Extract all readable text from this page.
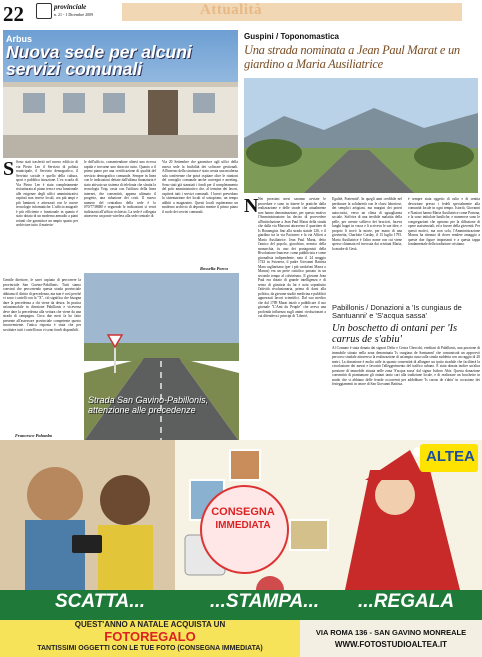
22	provinciale
n. 21 - 1 Dicembre 2009	Attualità
Arbus
Nuova sede per alcuni servizi comunali
S Sono stati trasferiti nel nuovo edificio di via Pietro Leo il Servizio di polizia municipale, il Servizio demografico, il Servizio sociale e quello della cultura, sport e pubblica istruzione. L'ex scuola di Via Pietro Leo è stata completamente ristrutturata al piano terra e resa funzionale alle esigenze degli uffici amministrativi ospitati non invece locali, ora più ampi e più luminosi e attrezzati con le nuove tecnologie informatiche. L'ufficio anagrafe è più efficiente e funzionale in quanto è stato dotato di un moderno armadio a piani rotanti che garantisce un ampio spazio per archiviare tutto il materia-
le dell'ufficio, consentendone altresì una ricerca rapida e trovarne uno sbraccio tutto. Quanto a il primo piano per una certificazione di qualità del servizio demografico comunale. Sempre in linea con le indicazioni dettate dall'ultima finanziaria è stato attivato un sistema di telefonia che sfrutta la tecnologia Voip, ossia con l'utilizzo della linea internet, che consentirà, appena ultimato il progetto, una riduzione dei costi. Il nuovo numero del centralino della sede è lo 070/7738680 e seguendo le indicazioni si verrà indirizzati all'ufficio richiesto. La sede è collegata attraverso un ponte wireless alla sede centrale di
Via 20 Settembre che garantisce agli uffici della nuova sede la fruibilità dei software gestionali. All'interno della struttura è stata creata una moderna sala conferenze che potrà ospitare oltre le riunioni del consiglio comunale anche convegni e meeting. Sono stati già stanziati i fondi per il completamento del polo amministrativo che, al termine dei lavori, ospiterà tutti i servizi comunali. I lavori prevedono la sistemazione dei locali al sottopiano, un tempo adibiti a magazzino. Questi locali ospiteranno un moderno archivio di deposito mentre il primo piano il ruolo dei servizi comunali.
Rossella Porcu
Gentile direttore, le sarei capitato di percorrere la provinciale San Gavino-Pabillonis. Tutti siamo convinti che percorrendo questa strada provinciale abbiamo il diritto di precedenza, ma non è così perché vi sono i cartelli con la "X", ciò significa che bisogna dare la precedenza a chi viene da destra. In pratica un'automobile in direzione Pabillonis e viceversa deve dare la precedenza alla vettura che viene da una strada di campagna. Circa due mesi fa ho fatto presente all'assessore provinciale competente questo inconveniente. l'unica risposta è stata che per sostituire tutti i cartelli non vi sono fondi disponibili.
Francesco Palombo
Strada San Gavino-Pabillonis, attenzione alle precedenze
Guspini / Toponomastica
Una strada nominata a Jean Paul Marat e un giardino a Maria Ausiliatrice
N Nei prossimi mesi saranno avviate le procedure e sono in itinere le pratiche dalla realizzazione e delle strade che attualmente non hanno denominazione, per questo motivo l'Amministrazione ha deciso di provvedere all'intitolazione a Jean Paul Marat della strada che dalla via Marconi attraverso il quartiere di Is Bonamgius fino alla strada statale 126, e il giardino tra la via Pacioneo e la via Alfieri a Maria Ausiliatrice. Jean Paul Marat, detto l'amico del popolo, giacobino, nemico della monarchia, fu uno dei protagonisti della Rivoluzione francese: come pubblicista e come giornalista indipendente, nato il 24 maggio 1743 in Svizzera, il padre Giovanni Battista Mara cagliaritano (per i più sardofoni Marra o Marras) era un prete cattolico passato in un secondo tempo al calvinismo. Il giovane Jean Paul era dotato di grande intelligenza e di senso di giustizia da lui e nota soprattutto l'attività rivoluzionaria, prima di darsi alla politica, da giovane studiò medicina e pubblicò apprezzati lavori scientifici. Dal suo medico che dal 1789 Marat iniziò a pubblicare il suo giornale "L'Ami du Peuple" che aveva una profonda influenza sugli animi rivoluzionari a cui difendeva i principi di 'Liberté,
Egalité, Fraternité'. In quegli anni credibile nel perdonare la solidarietà con le classi laboriose, dei semplici artigiani, ma margini dei poteri autocratici, verso un clima di uguaglianza sociale. Soffriva di una terribile malattia della pelle, per averne sollievo dei bruciori, faceva lunghi bagni in vasca e li scriveva le sue idee, e proprio lì trovò la morte, per mano di una giovinetta, Charlotte Corday, il 13 luglio 1793. Maria Ausiliatrice è l'altro nome con cui viene spesso chiamata ed invocata dai cristiani Maria, la madre di Gesù.
è sempre stata oggetto di culto e di sentita devozione presso i fedeli specialmente alla comunità locale in ogni tempo. Istoriò, Giovanni e Nazioni hanno Maria Ausiliatrice come Patrona, e la sono intitolate basiliche, e numerose sono le congregazioni che operano per la diffusione di opere assistenziali, ed a favore della gioventù. Per questi motivi, ma non solo, l'Amministrazione Marras ha ritenuto di dover rendere omaggio a queste due figure importanti e a questa tappa fondamentale della tradizione cristiana.
Pabillonis / Donazioni a 'Is cungiaus de Santuanni' e 'S'acqua sassa'
Un boschetto di ontani per 'Is carrus de s'abiu'
Al Comune è stata donata dai signori Delio e Cesira Chercchi, ereditari di Pabillonis, una porzione di immobile situato nella zona denominata 'Is cungiaus de Santuanni' che comunicatà un approvvò percorso stradale attraverso la realizzazione di un'ampia cuna sulla strada suddetta con un raggio di 20 metri. La donazione è molto utile in quanto consentirà di allargare un tratto stradale che faciliterà la circolazione dei mezzi e favorirà l'alleggerimento del traffico urbano. È stata donata inoltre un'altra porzione di immobile situata nelle zona 'S'acqua sassa' dal signor Isidoro Abis. Questa donazione consentirà di piantumare gli ontani tanto cari alla tradizione locale, e di realizzare un boschetto in modo che si abbiano delle fronde occorrenti per addobbare 'Is carrus de s'abiu' in occasione dei festeggiamenti in onore di San Giovanni Battista.
CONSEGNA
IMMEDIATA
ALTEA
SCATTA...	...STAMPA... ...REGALA
QUEST'ANNO A NATALE ACQUISTA UN
FOTOREGALO
TANTISSIMI OGGETTI CON LE TUE FOTO (CONSEGNA IMMEDIATA)
VIA ROMA 136 - SAN GAVINO MONREALE
WWW.FOTOSTUDIOALTEA.IT
